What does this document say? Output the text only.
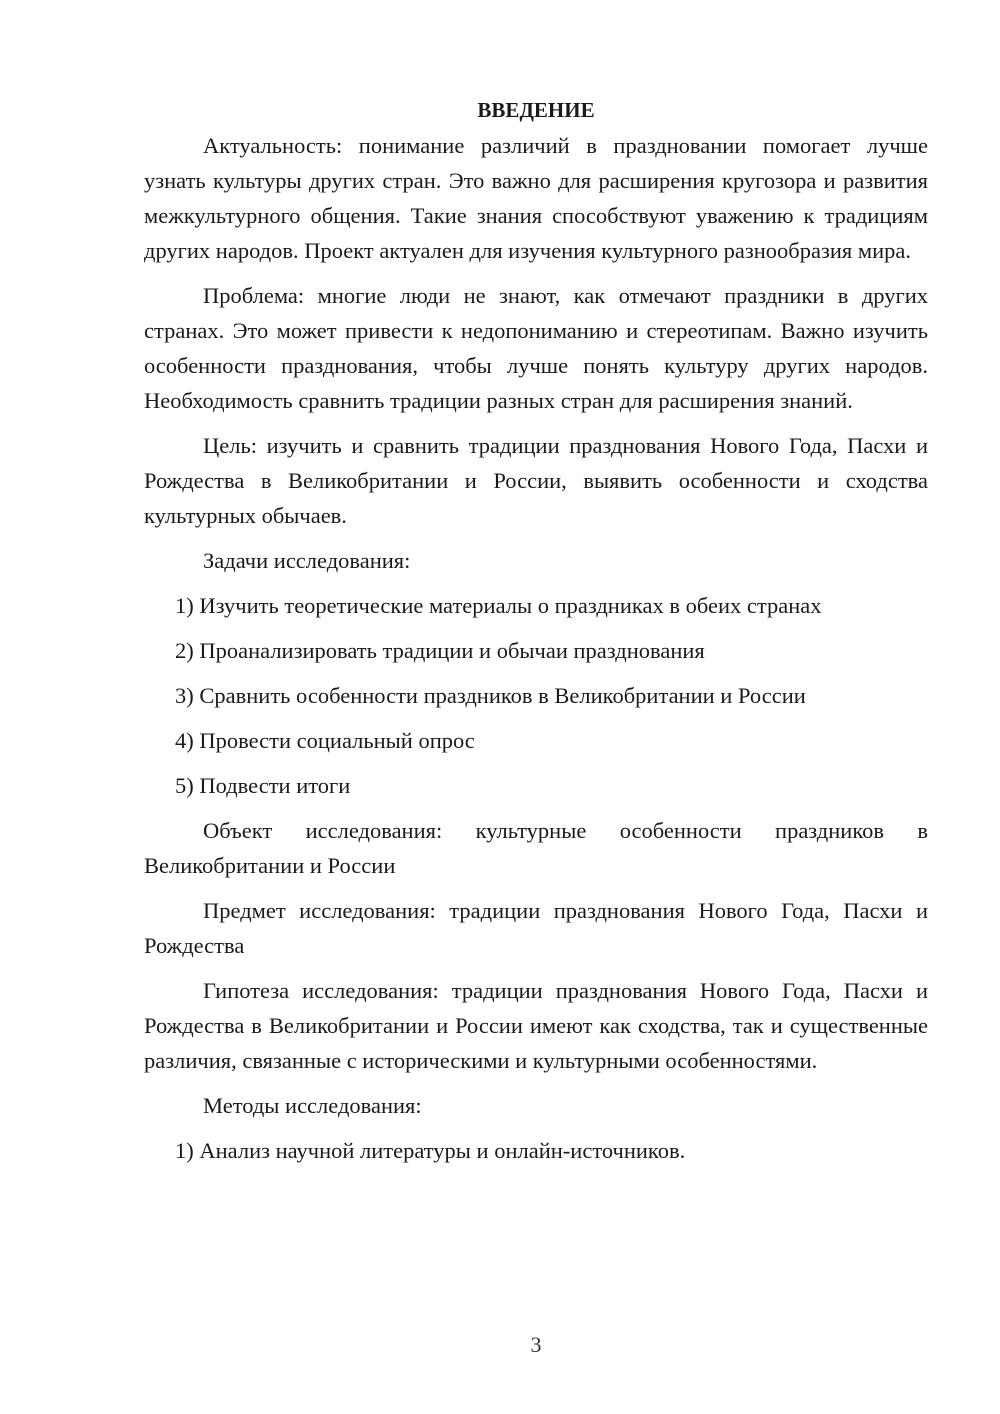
ВВЕДЕНИЕ

Актуальность: понимание различий в праздновании помогает лучше узнать культуры других стран. Это важно для расширения кругозора и развития межкультурного общения. Такие знания способствуют уважению к традициям других народов. Проект актуален для изучения культурного разнообразия мира.

Проблема: многие люди не знают, как отмечают праздники в других странах. Это может привести к недопониманию и стереотипам. Важно изучить особенности празднования, чтобы лучше понять культуру других народов. Необходимость сравнить традиции разных стран для расширения знаний.

Цель: изучить и сравнить традиции празднования Нового Года, Пасхи и Рождества в Великобритании и России, выявить особенности и сходства культурных обычаев.

Задачи исследования:

1) Изучить теоретические материалы о праздниках в обеих странах

2) Проанализировать традиции и обычаи празднования

3) Сравнить особенности праздников в Великобритании и России

4) Провести социальный опрос

5) Подвести итоги

Объект исследования: культурные особенности праздников в Великобритании и России

Предмет исследования: традиции празднования Нового Года, Пасхи и Рождества

Гипотеза исследования: традиции празднования Нового Года, Пасхи и Рождества в Великобритании и России имеют как сходства, так и существенные различия, связанные с историческими и культурными особенностями.

Методы исследования:

1) Анализ научной литературы и онлайн-источников.

3
